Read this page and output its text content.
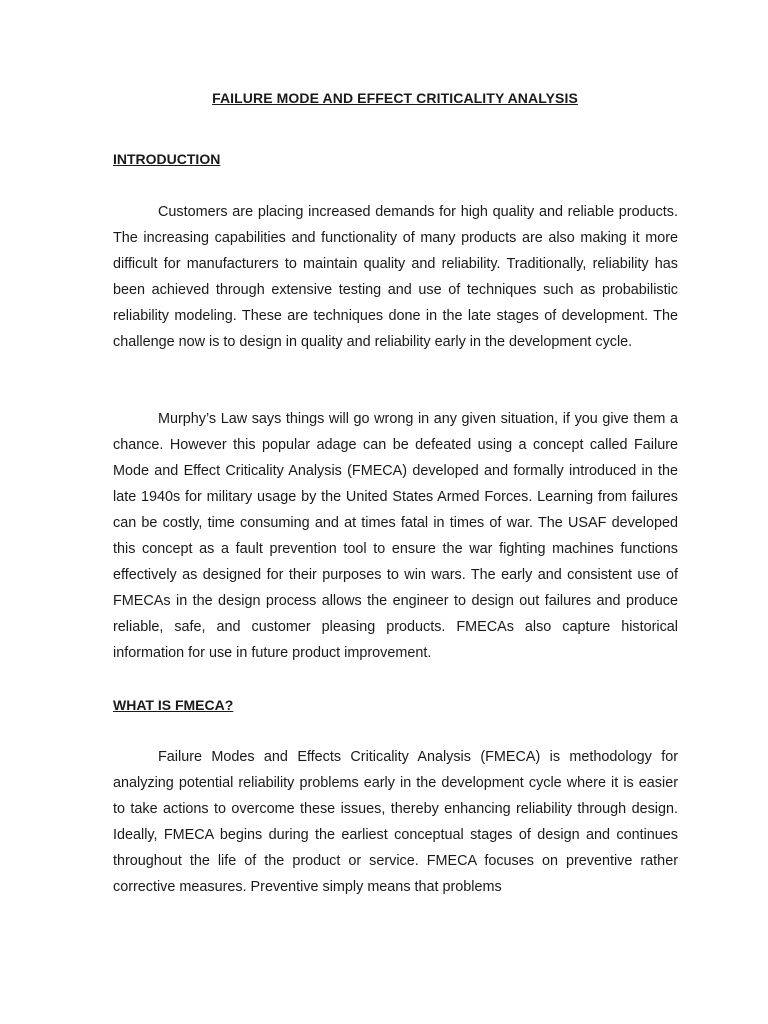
FAILURE MODE AND EFFECT CRITICALITY ANALYSIS
INTRODUCTION

Customers are placing increased demands for high quality and reliable products. The increasing capabilities and functionality of many products are also making it more difficult for manufacturers to maintain quality and reliability. Traditionally, reliability has been achieved through extensive testing and use of techniques such as probabilistic reliability modeling. These are techniques done in the late stages of development. The challenge now is to design in quality and reliability early in the development cycle.

Murphy’s Law says things will go wrong in any given situation, if you give them a chance. However this popular adage can be defeated using a concept called Failure Mode and Effect Criticality Analysis (FMECA) developed and formally introduced in the late 1940s for military usage by the United States Armed Forces. Learning from failures can be costly, time consuming and at times fatal in times of war. The USAF developed this concept as a fault prevention tool to ensure the war fighting machines functions effectively as designed for their purposes to win wars. The early and consistent use of FMECAs in the design process allows the engineer to design out failures and produce reliable, safe, and customer pleasing products. FMECAs also capture historical information for use in future product improvement.

WHAT IS FMECA?

Failure Modes and Effects Criticality Analysis (FMECA) is methodology for analyzing potential reliability problems early in the development cycle where it is easier to take actions to overcome these issues, thereby enhancing reliability through design. Ideally, FMECA begins during the earliest conceptual stages of design and continues throughout the life of the product or service. FMECA focuses on preventive rather corrective measures. Preventive simply means that problems
